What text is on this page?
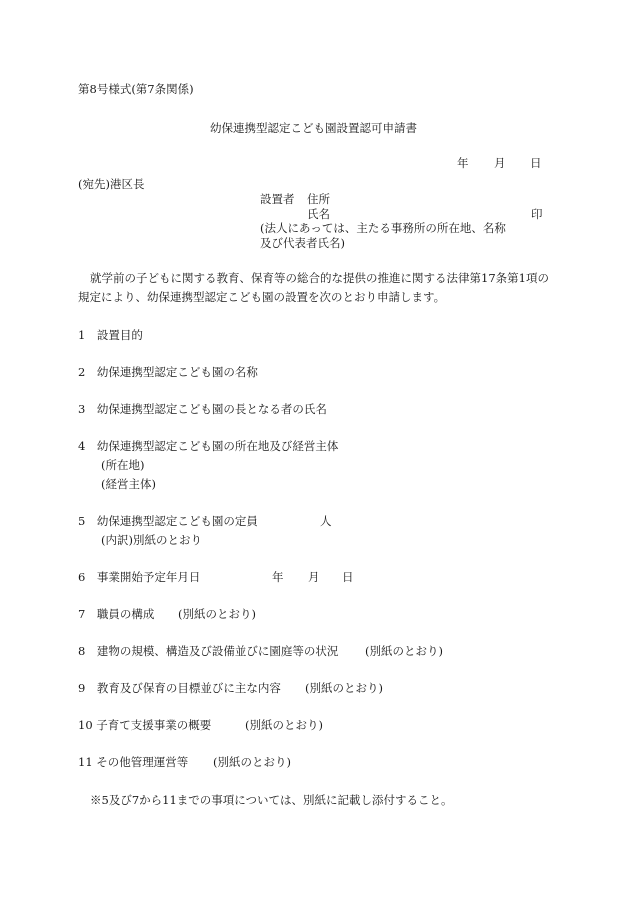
第8号様式(第7条関係)
幼保連携型認定こども園設置認可申請書
年 月 日
(宛先)港区長
設置者 住所
氏名	印
(法人にあっては、主たる事務所の所在地、名称
及び代表者氏名)
就学前の子どもに関する教育、保育等の総合的な提供の推進に関する法律第17条第1項の
規定により、幼保連携型認定こども園の設置を次のとおり申請します。
1　設置目的
2　幼保連携型認定こども園の名称
3　幼保連携型認定こども園の長となる者の氏名
4　幼保連携型認定こども園の所在地及び経営主体
(所在地)
(経営主体)
5　幼保連携型認定こども園の定員	人
(内訳)別紙のとおり
6　事業開始予定年月日	年 月 日
7　職員の構成 (別紙のとおり)
8　建物の規模、構造及び設備並びに園庭等の状況 (別紙のとおり)
9　教育及び保育の目標並びに主な内容 (別紙のとおり)
10 子育て支援事業の概要	(別紙のとおり)
11 その他管理運営等 (別紙のとおり)
※5及び7から11までの事項については、別紙に記載し添付すること。
